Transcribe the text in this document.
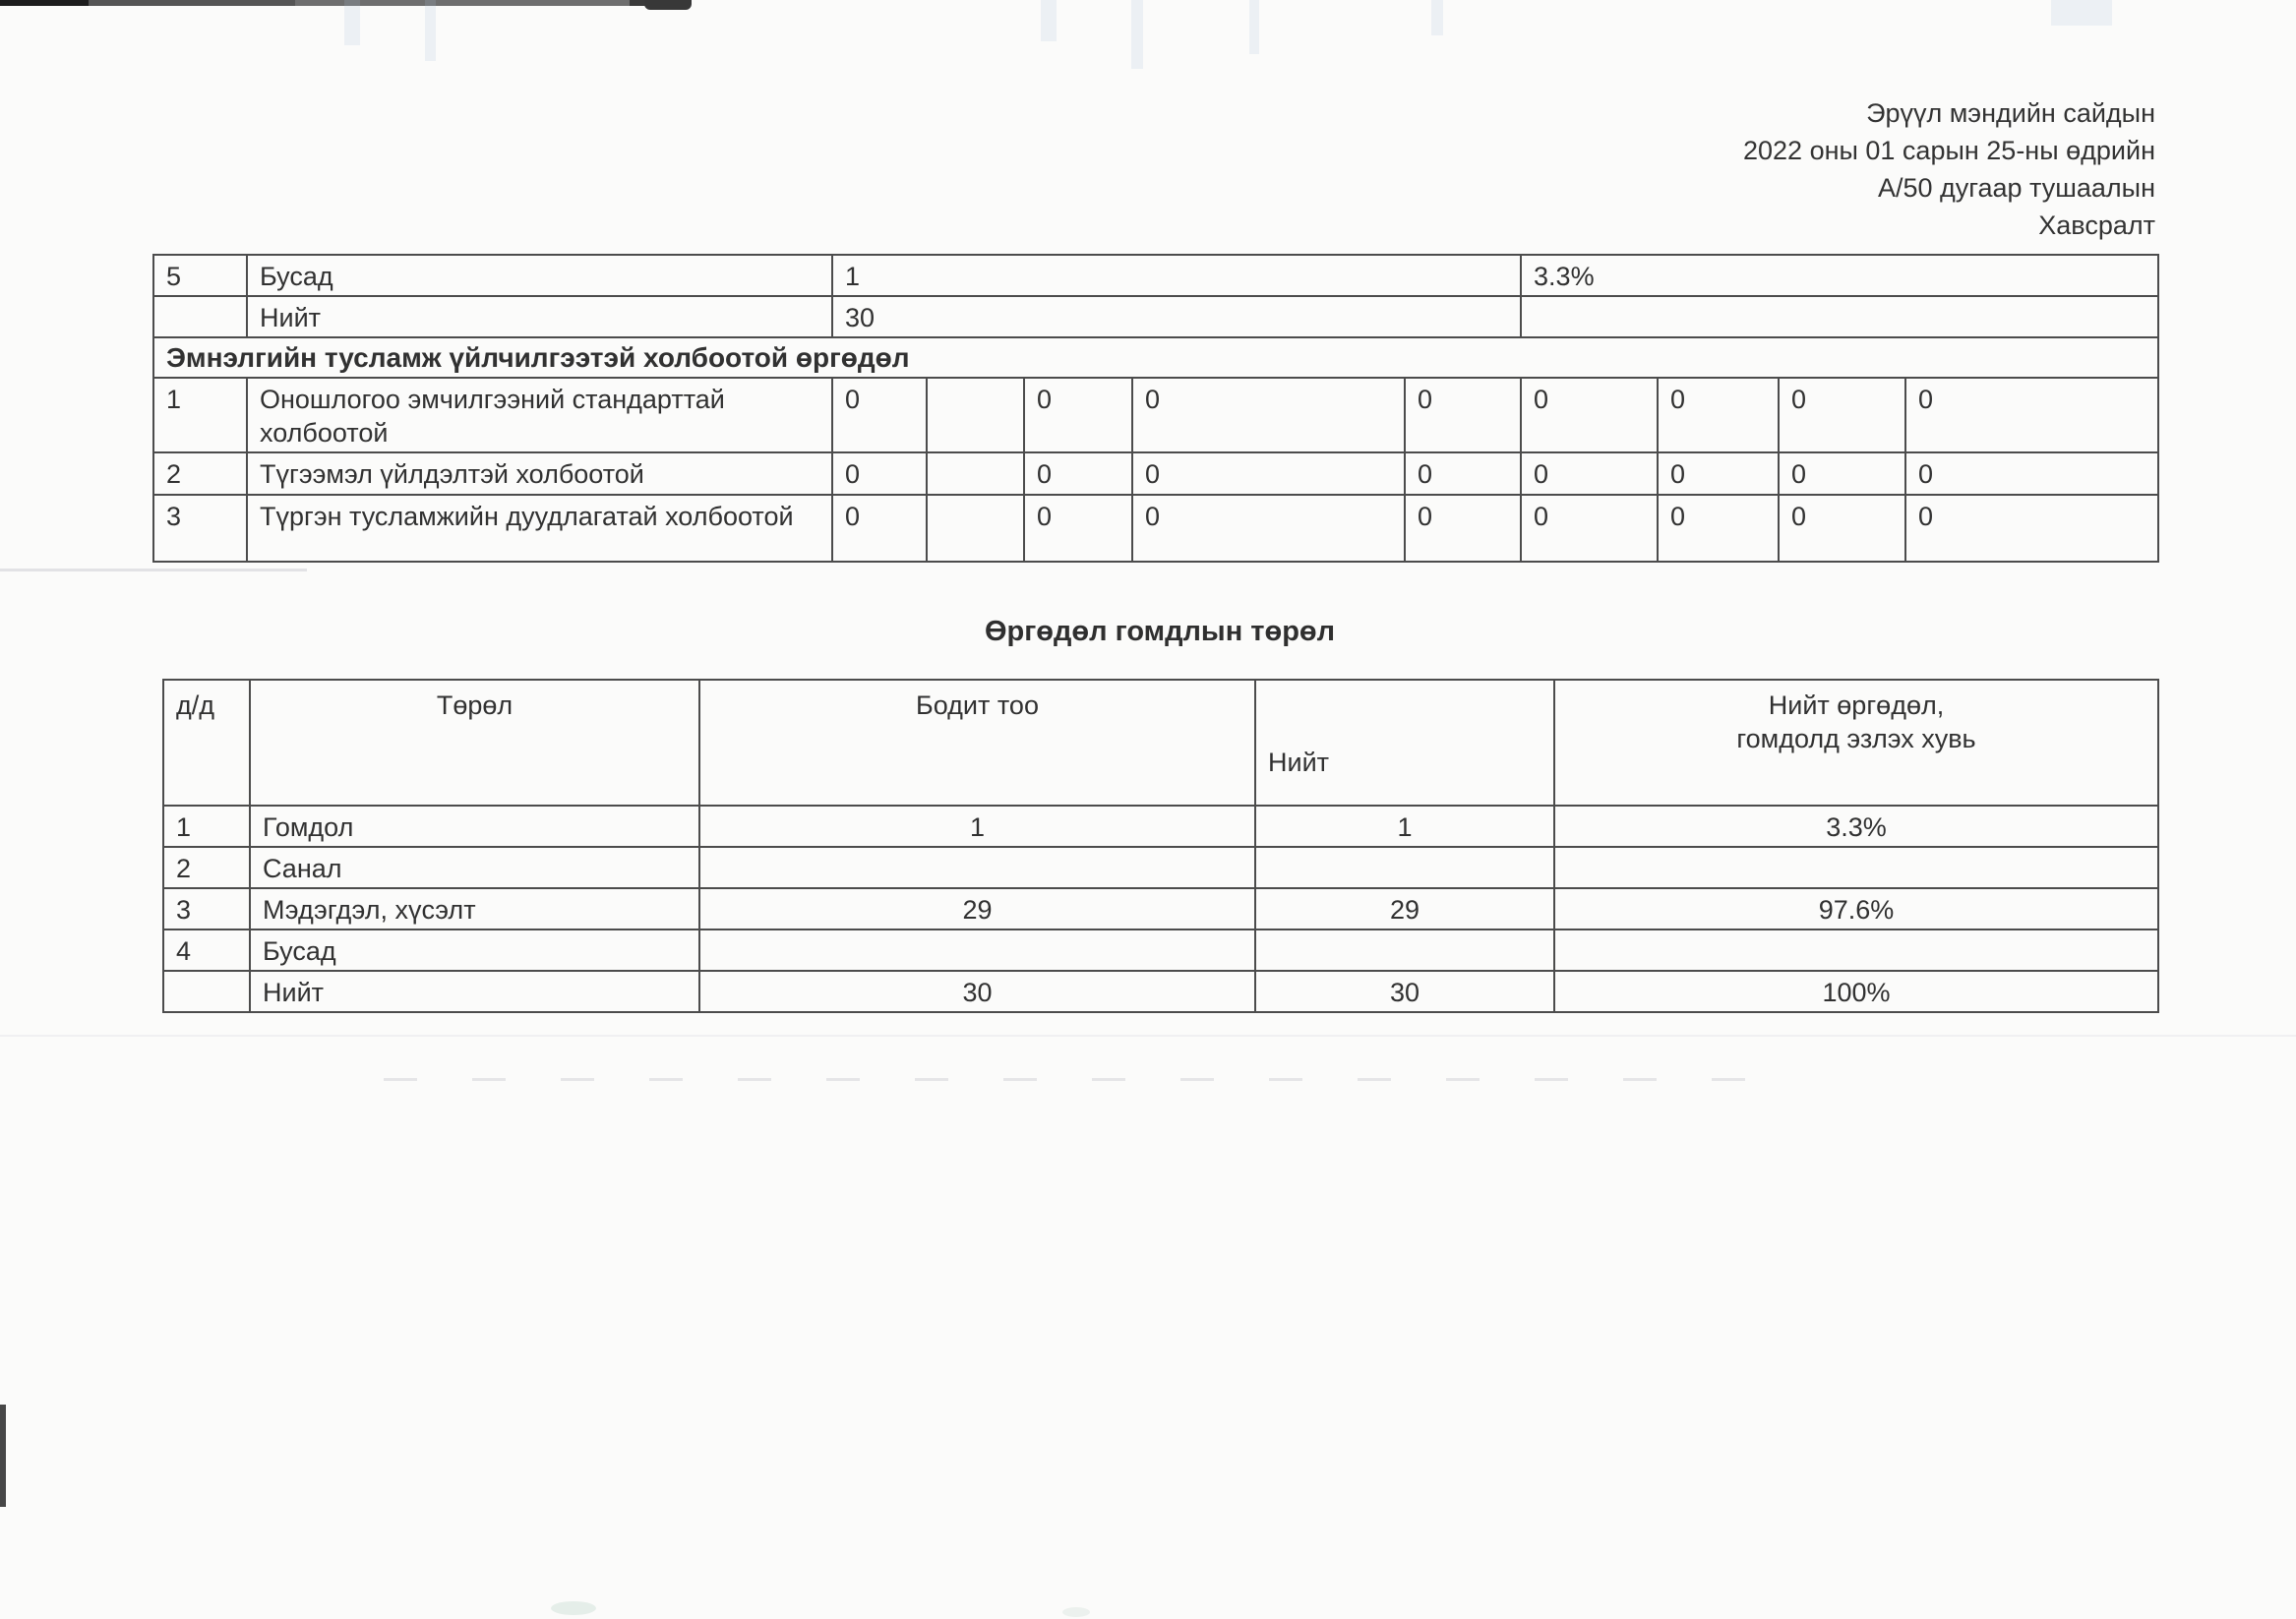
Эрүүл мэндийн сайдын
2022 оны 01 сарын 25-ны өдрийн
А/50 дугаар тушаалын
Хавсралт
5	Бусад	1					3.3%			
	Нийт	30								
Эмнэлгийн тусламж үйлчилгээтэй холбоотой өргөдөл										
1	Оношлогоо эмчилгээний стандарттай холбоотой	0		0	0	0	0	0	0	0
2	Түгээмэл үйлдэлтэй холбоотой	0		0	0	0	0	0	0	0
3	Түргэн тусламжийн дуудлагатай холбоотой	0		0	0	0	0	0	0	0
Өргөдөл гомдлын төрөл
д/д	Төрөл	Бодит тоо	Нийт	Нийт өргөдөл,
гомдолд эзлэх хувь

1	Гомдол	1	1	3.3%
2	Санал			
3	Мэдэгдэл, хүсэлт	29	29	97.6%
4	Бусад			
	Нийт	30	30	100%
